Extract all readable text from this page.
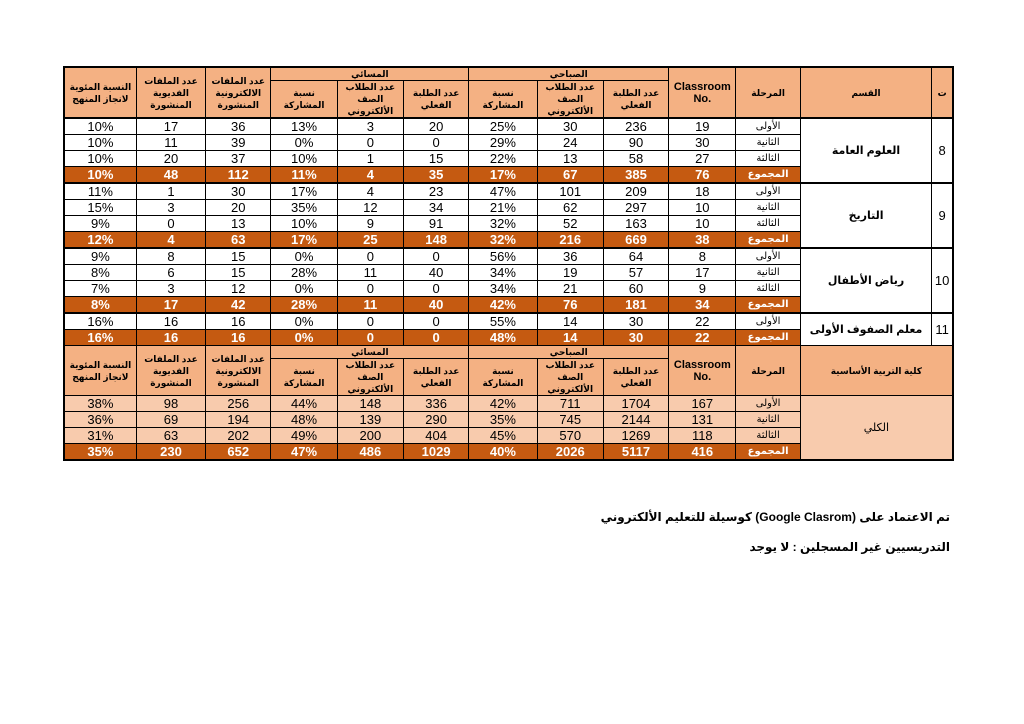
النسبة المئوية لانجاز المنهج	عدد الملفات الفديوية المنشورة	عدد الملفات الالكترونية المنشورة	المسائي			الصباحي			Classroom No.	المرحلة	القسم	ت
			نسبة المشاركة	عدد الطلاب الصف الألكتروني	عدد الطلبة الفعلي	نسبة المشاركة	عدد الطلاب الصف الألكتروني	عدد الطلبة الفعلي				
10%	17	36	13%	3	20	25%	30	236	19	الأولى	العلوم العامة	8
10%	11	39	0%	0	0	29%	24	90	30	الثانية		
10%	20	37	10%	1	15	22%	13	58	27	الثالثة		
10%	48	112	11%	4	35	17%	67	385	76	المجموع		
11%	1	30	17%	4	23	47%	101	209	18	الأولى	التاريخ	9
15%	3	20	35%	12	34	21%	62	297	10	الثانية		
9%	0	13	10%	9	91	32%	52	163	10	الثالثة		
12%	4	63	17%	25	148	32%	216	669	38	المجموع		
9%	8	15	0%	0	0	56%	36	64	8	الأولى	رياض الأطفال	10
8%	6	15	28%	11	40	34%	19	57	17	الثانية		
7%	3	12	0%	0	0	34%	21	60	9	الثالثة		
8%	17	42	28%	11	40	42%	76	181	34	المجموع		
16%	16	16	0%	0	0	55%	14	30	22	الأولى	معلم الصفوف الأولى	11
16%	16	16	0%	0	0	48%	14	30	22	المجموع		
النسبة المئوية لانجاز المنهج	عدد الملفات الفديوية المنشورة	عدد الملفات الالكترونية المنشورة	المسائي			الصباحي			Classroom No.	المرحلة	كلية التربية الأساسية	
			نسبة المشاركة	عدد الطلاب الصف الألكتروني	عدد الطلبة الفعلي	نسبة المشاركة	عدد الطلاب الصف الألكتروني	عدد الطلبة الفعلي				
38%	98	256	44%	148	336	42%	711	1704	167	الأولى	الكلي	
36%	69	194	48%	139	290	35%	745	2144	131	الثانية		
31%	63	202	49%	200	404	45%	570	1269	118	الثالثة		
35%	230	652	47%	486	1029	40%	2026	5117	416	المجموع		
تم الاعتماد على (Google Clasrom) كوسيلة للتعليم الألكتروني
التدريسيين غير المسجلين : لا يوجد
